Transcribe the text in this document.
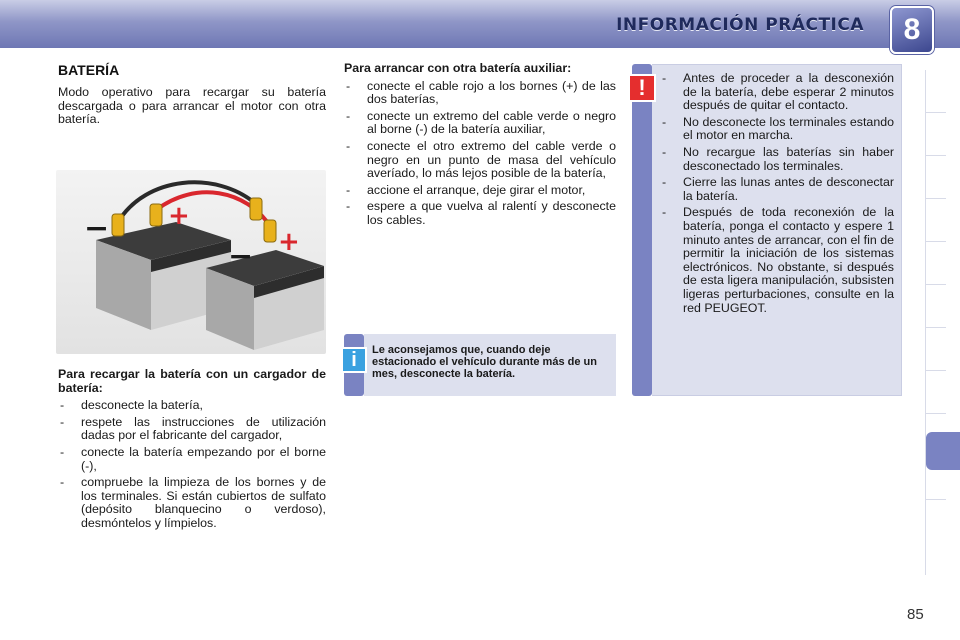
INFORMACIÓN PRÁCTICA	8
BATERÍA
Modo operativo para recargar su batería descargada o para arrancar el motor con otra batería.
− +
− +
Para recargar la batería con un cargador de batería:
- desconecte la batería,
- respete las instrucciones de utilización dadas por el fabricante del cargador,
- conecte la batería empezando por el borne (-),
- compruebe la limpieza de los bornes y de los terminales. Si están cubiertos de sulfato (depósito blanquecino o verdoso), desmóntelos y límpielos.
Para arrancar con otra batería auxiliar:
- conecte el cable rojo a los bornes (+) de las dos baterías,
- conecte un extremo del cable verde o negro al borne (-) de la batería auxiliar,
- conecte el otro extremo del cable verde o negro en un punto de masa del vehículo averíado, lo más lejos posible de la batería,
- accione el arranque, deje girar el motor,
- espere a que vuelva al ralentí y desconecte los cables.
i	Le aconsejamos que, cuando deje estacionado el vehículo durante más de un mes, desconecte la batería.
!
-	Antes de proceder a la desconexión de la batería, debe esperar 2 minutos después de quitar el contacto.
- No desconecte los terminales estando el motor en marcha.
- No recargue las baterías sin haber desconectado los terminales.
- Cierre las lunas antes de desconectar la batería.
- Después de toda reconexión de la batería, ponga el contacto y espere 1 minuto antes de arrancar, con el fin de permitir la iniciación de los sistemas electrónicos. No obstante, si después de esta ligera manipulación, subsisten ligeras perturbaciones, consulte en la red PEUGEOT.
85
